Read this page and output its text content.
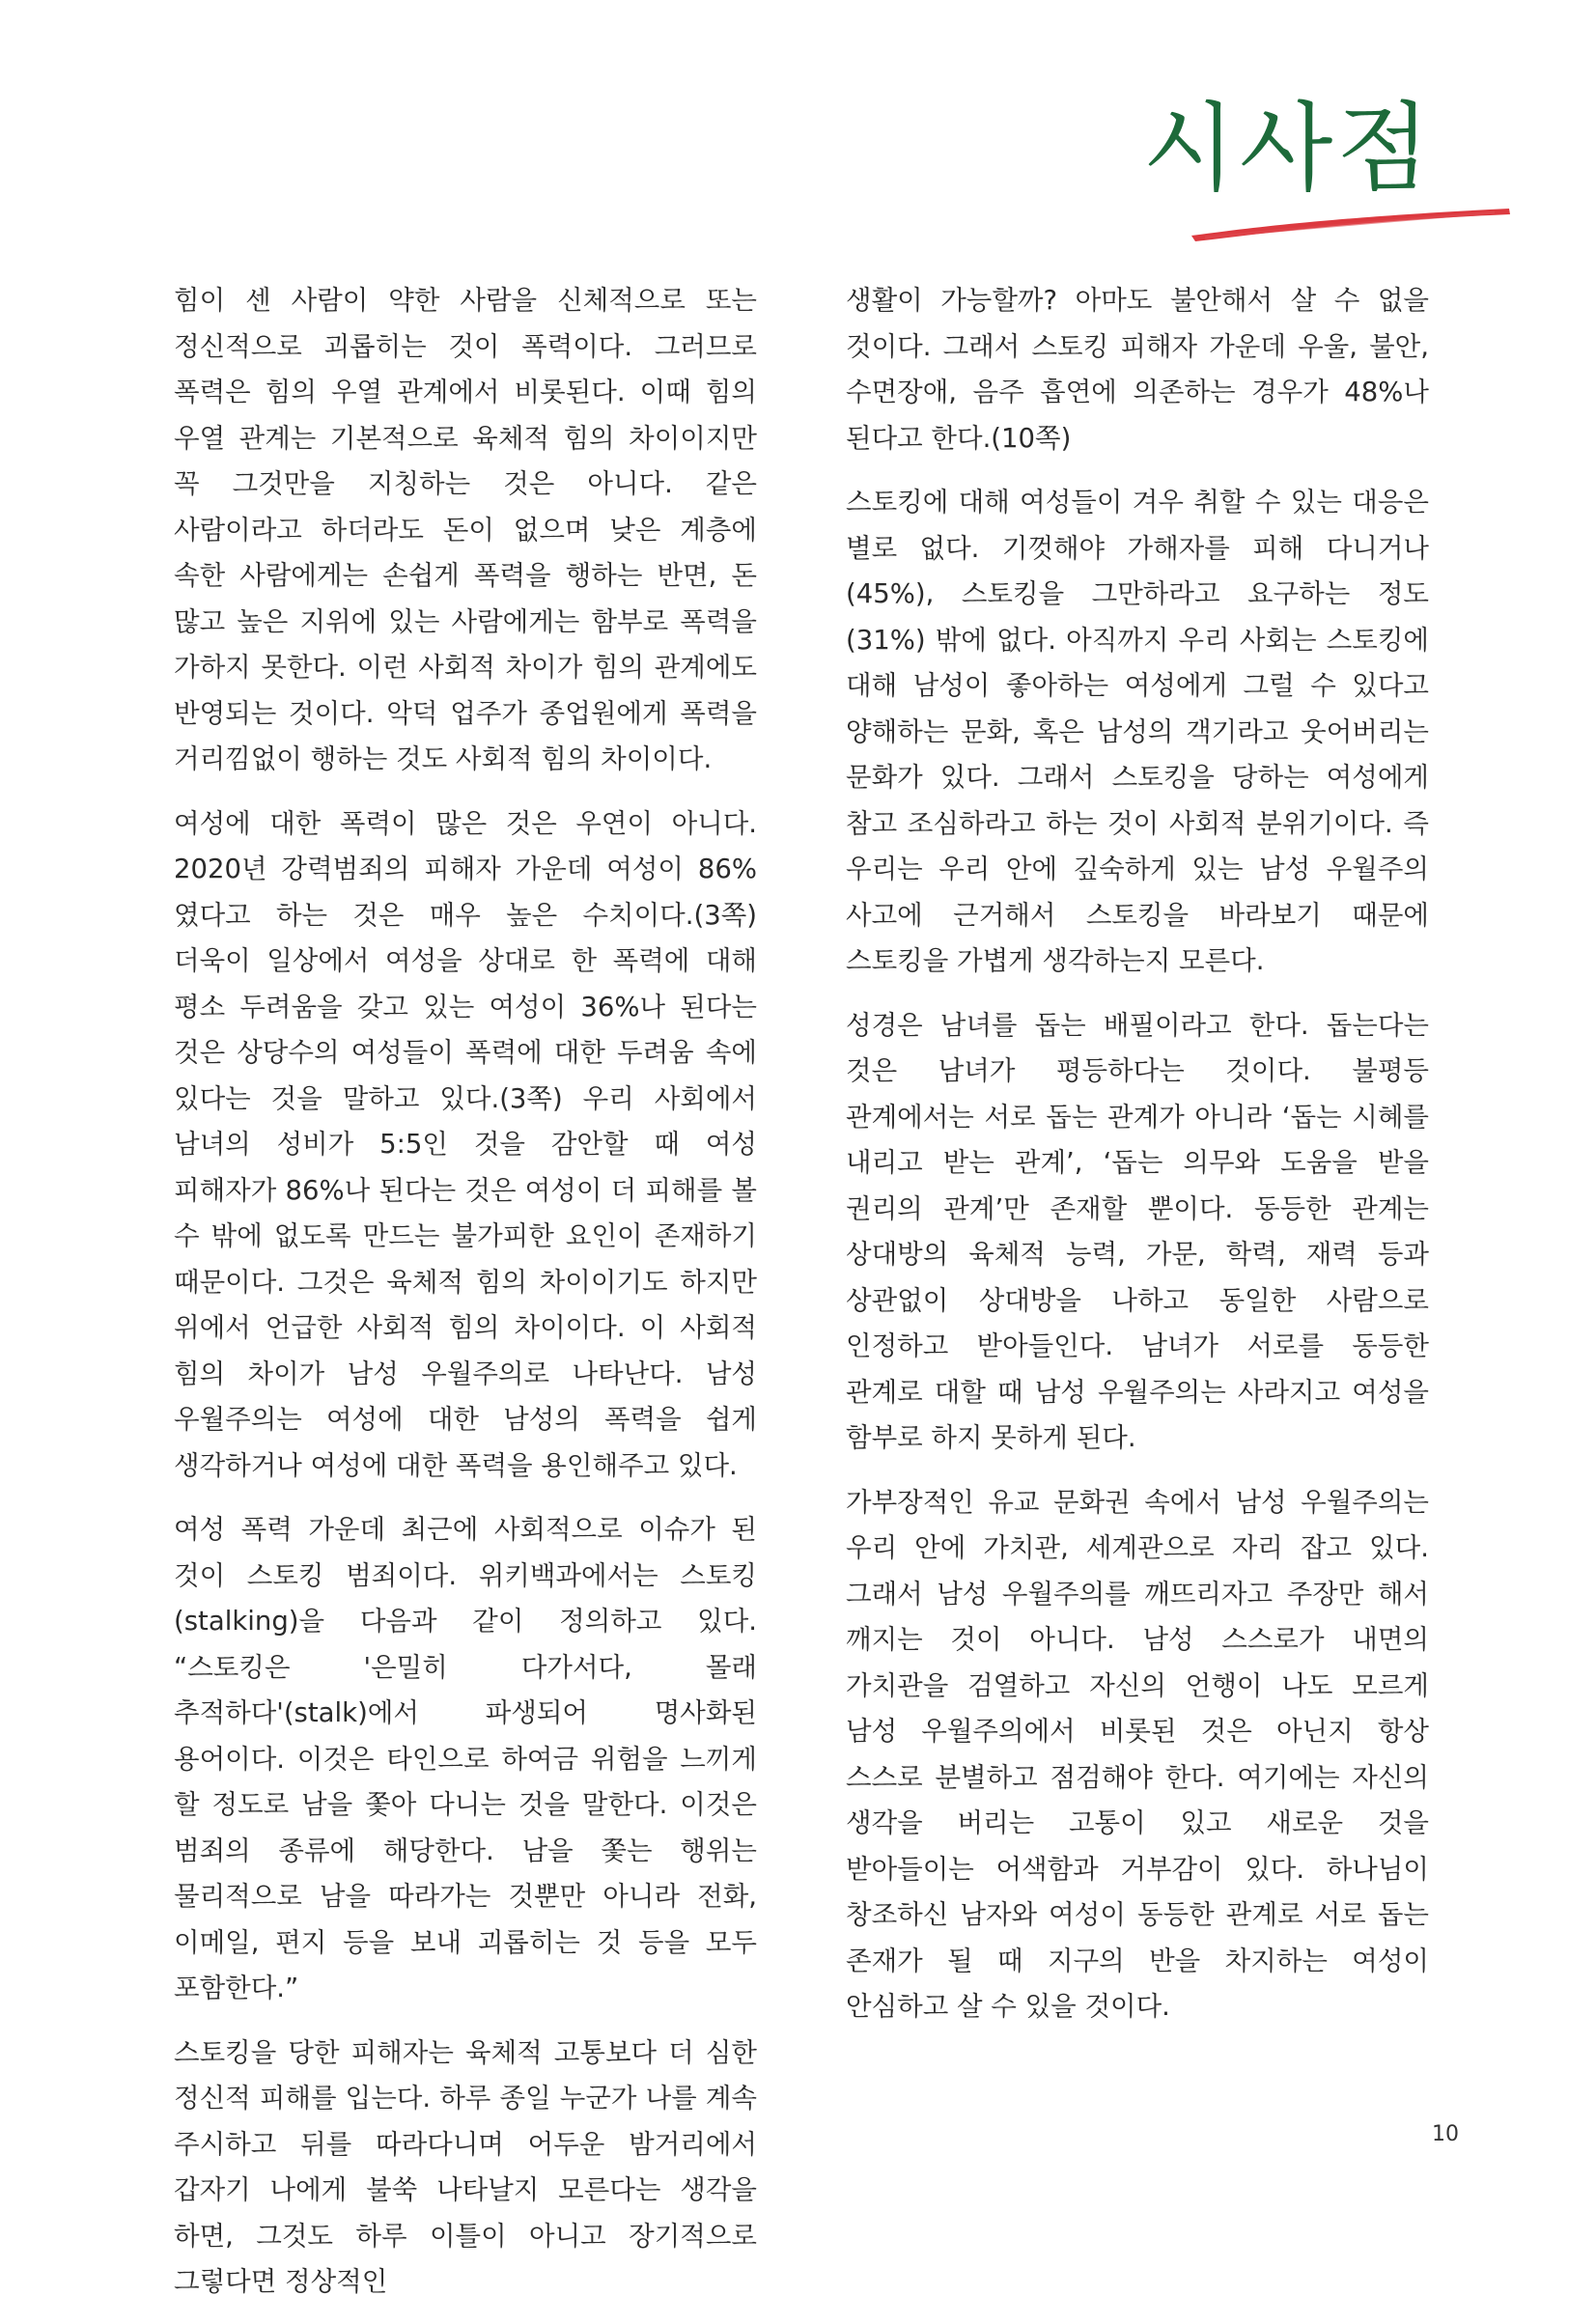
시사점

힘이 센 사람이 약한 사람을 신체적으로 또는 정신적으로 괴롭히는 것이 폭력이다. 그러므로 폭력은 힘의 우열 관계에서 비롯된다. 이때 힘의 우열 관계는 기본적으로 육체적 힘의 차이이지만 꼭 그것만을 지칭하는 것은 아니다. 같은 사람이라고 하더라도 돈이 없으며 낮은 계층에 속한 사람에게는 손쉽게 폭력을 행하는 반면, 돈 많고 높은 지위에 있는 사람에게는 함부로 폭력을 가하지 못한다. 이런 사회적 차이가 힘의 관계에도 반영되는 것이다. 악덕 업주가 종업원에게 폭력을 거리낌없이 행하는 것도 사회적 힘의 차이이다.

여성에 대한 폭력이 많은 것은 우연이 아니다. 2020년 강력범죄의 피해자 가운데 여성이 86%였다고 하는 것은 매우 높은 수치이다.(3쪽) 더욱이 일상에서 여성을 상대로 한 폭력에 대해 평소 두려움을 갖고 있는 여성이 36%나 된다는 것은 상당수의 여성들이 폭력에 대한 두려움 속에 있다는 것을 말하고 있다.(3쪽) 우리 사회에서 남녀의 성비가 5:5인 것을 감안할 때 여성 피해자가 86%나 된다는 것은 여성이 더 피해를 볼 수 밖에 없도록 만드는 불가피한 요인이 존재하기 때문이다. 그것은 육체적 힘의 차이이기도 하지만 위에서 언급한 사회적 힘의 차이이다. 이 사회적 힘의 차이가 남성 우월주의로 나타난다. 남성 우월주의는 여성에 대한 남성의 폭력을 쉽게 생각하거나 여성에 대한 폭력을 용인해주고 있다.

여성 폭력 가운데 최근에 사회적으로 이슈가 된 것이 스토킹 범죄이다. 위키백과에서는 스토킹(stalking)을 다음과 같이 정의하고 있다. “스토킹은 '은밀히 다가서다, 몰래 추적하다'(stalk)에서 파생되어 명사화된 용어이다. 이것은 타인으로 하여금 위험을 느끼게 할 정도로 남을 쫓아 다니는 것을 말한다. 이것은 범죄의 종류에 해당한다. 남을 쫓는 행위는 물리적으로 남을 따라가는 것뿐만 아니라 전화, 이메일, 편지 등을 보내 괴롭히는 것 등을 모두 포함한다.”

스토킹을 당한 피해자는 육체적 고통보다 더 심한 정신적 피해를 입는다. 하루 종일 누군가 나를 계속 주시하고 뒤를 따라다니며 어두운 밤거리에서 갑자기 나에게 불쑥 나타날지 모른다는 생각을 하면, 그것도 하루 이틀이 아니고 장기적으로 그렇다면 정상적인

생활이 가능할까? 아마도 불안해서 살 수 없을 것이다. 그래서 스토킹 피해자 가운데 우울, 불안, 수면장애, 음주 흡연에 의존하는 경우가 48%나 된다고 한다.(10쪽)

스토킹에 대해 여성들이 겨우 취할 수 있는 대응은 별로 없다. 기껏해야 가해자를 피해 다니거나(45%), 스토킹을 그만하라고 요구하는 정도(31%) 밖에 없다. 아직까지 우리 사회는 스토킹에 대해 남성이 좋아하는 여성에게 그럴 수 있다고 양해하는 문화, 혹은 남성의 객기라고 웃어버리는 문화가 있다. 그래서 스토킹을 당하는 여성에게 참고 조심하라고 하는 것이 사회적 분위기이다. 즉 우리는 우리 안에 깊숙하게 있는 남성 우월주의 사고에 근거해서 스토킹을 바라보기 때문에 스토킹을 가볍게 생각하는지 모른다.

성경은 남녀를 돕는 배필이라고 한다. 돕는다는 것은 남녀가 평등하다는 것이다. 불평등 관계에서는 서로 돕는 관계가 아니라 ‘돕는 시혜를 내리고 받는 관계’, ‘돕는 의무와 도움을 받을 권리의 관계’만 존재할 뿐이다. 동등한 관계는 상대방의 육체적 능력, 가문, 학력, 재력 등과 상관없이 상대방을 나하고 동일한 사람으로 인정하고 받아들인다. 남녀가 서로를 동등한 관계로 대할 때 남성 우월주의는 사라지고 여성을 함부로 하지 못하게 된다.

가부장적인 유교 문화권 속에서 남성 우월주의는 우리 안에 가치관, 세계관으로 자리 잡고 있다. 그래서 남성 우월주의를 깨뜨리자고 주장만 해서 깨지는 것이 아니다. 남성 스스로가 내면의 가치관을 검열하고 자신의 언행이 나도 모르게 남성 우월주의에서 비롯된 것은 아닌지 항상 스스로 분별하고 점검해야 한다. 여기에는 자신의 생각을 버리는 고통이 있고 새로운 것을 받아들이는 어색함과 거부감이 있다. 하나님이 창조하신 남자와 여성이 동등한 관계로 서로 돕는 존재가 될 때 지구의 반을 차지하는 여성이 안심하고 살 수 있을 것이다.

10
